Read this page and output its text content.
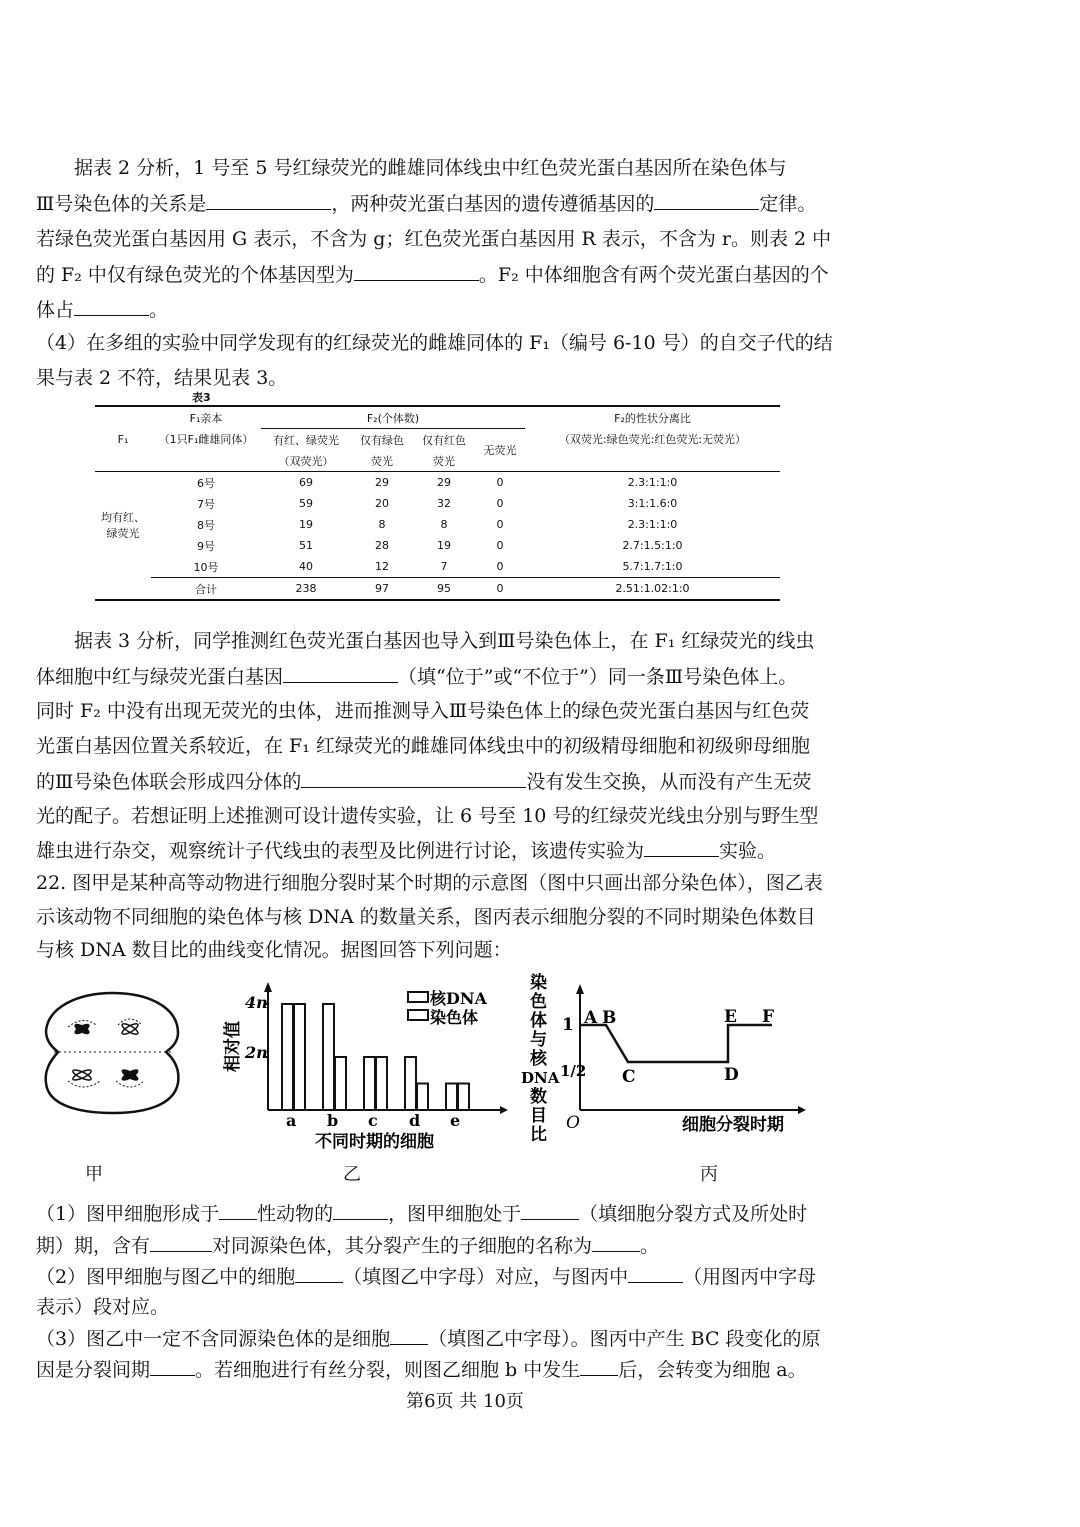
据表 2 分析，1 号至 5 号红绿荧光的雌雄同体线虫中红色荧光蛋白基因所在染色体与
Ⅲ号染色体的关系是	，两种荧光蛋白基因的遗传遵循基因的	定律。
若绿色荧光蛋白基因用 G 表示，不含为 g；红色荧光蛋白基因用 R 表示，不含为 r。则表 2 中
的 F₂ 中仅有绿色荧光的个体基因型为	。F₂ 中体细胞含有两个荧光蛋白基因的个
体占	。
（4）在多组的实验中同学发现有的红绿荧光的雌雄同体的 F₁（编号 6-10 号）的自交子代的结
果与表 2 不符，结果见表 3。
表3
F₁	F₁亲本	F₂(个体数)				F₂的性状分离比
	（1只F₁雌雄同体）	有红、绿荧光	仅有绿色	仅有红色	无荧光	（双荧光:绿色荧光:红色荧光:无荧光）
		（双荧光）	荧光	荧光		
均有红、
绿荧光	6号	69	29	29	0	2.3:1:1:0
	7号	59	20	32	0	3:1:1.6:0
	8号	19	8	8	0	2.3:1:1:0
	9号	51	28	19	0	2.7:1.5:1:0
	10号	40	12	7	0	5.7:1.7:1:0
	合计	238	97	95	0	2.51:1.02:1:0
据表 3 分析，同学推测红色荧光蛋白基因也导入到Ⅲ号染色体上，在 F₁ 红绿荧光的线虫
体细胞中红与绿荧光蛋白基因	（填“位于”或“不位于”）同一条Ⅲ号染色体上。
同时 F₂ 中没有出现无荧光的虫体，进而推测导入Ⅲ号染色体上的绿色荧光蛋白基因与红色荧
光蛋白基因位置关系较近，在 F₁ 红绿荧光的雌雄同体线虫中的初级精母细胞和初级卵母细胞
的Ⅲ号染色体联会形成四分体的	没有发生交换，从而没有产生无荧
光的配子。若想证明上述推测可设计遗传实验，让 6 号至 10 号的红绿荧光线虫分别与野生型
雄虫进行杂交，观察统计子代线虫的表型及比例进行讨论，该遗传实验为	实验。
22. 图甲是某种高等动物进行细胞分裂时某个时期的示意图（图中只画出部分染色体），图乙表
示该动物不同细胞的染色体与核 DNA 的数量关系，图丙表示细胞分裂的不同时期染色体数目
与核 DNA 数目比的曲线变化情况。据图回答下列问题：
4n
2n
相对值
a b c d e
不同时期的细胞
核DNA
染色体
染
色
体
与
核
DNA
数
目
比
1
1/2
O
A B
C	D
E F
细胞分裂时期
甲	乙	丙
（1）图甲细胞形成于 性动物的	，图甲细胞处于	（填细胞分裂方式及所处时
期）期，含有	对同源染色体，其分裂产生的子细胞的名称为	。
（2）图甲细胞与图乙中的细胞	（填图乙中字母）对应，与图丙中	（用图丙中字母
表示）段对应。
（3）图乙中一定不含同源染色体的是细胞 （填图乙中字母）。图丙中产生 BC 段变化的原
因是分裂间期 。若细胞进行有丝分裂，则图乙细胞 b 中发生 后，会转变为细胞 a。
第6页 共 10页
